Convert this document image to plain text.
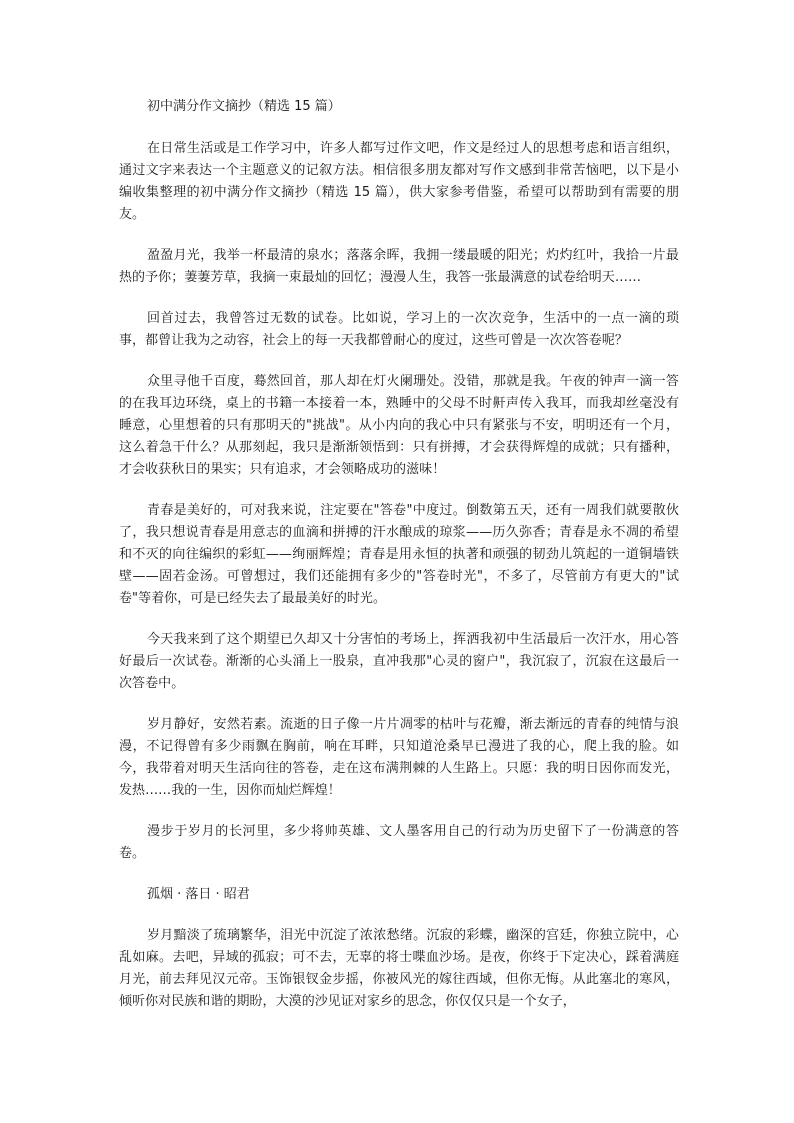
初中满分作文摘抄（精选 15 篇）

在日常生活或是工作学习中，许多人都写过作文吧，作文是经过人的思想考虑和语言组织，通过文字来表达一个主题意义的记叙方法。相信很多朋友都对写作文感到非常苦恼吧，以下是小编收集整理的初中满分作文摘抄（精选 15 篇），供大家参考借鉴，希望可以帮助到有需要的朋友。

盈盈月光，我举一杯最清的泉水；落落余晖，我拥一缕最暖的阳光；灼灼红叶，我拾一片最热的予你；萋萋芳草，我摘一束最灿的回忆；漫漫人生，我答一张最满意的试卷给明天……

回首过去，我曾答过无数的试卷。比如说，学习上的一次次竞争，生活中的一点一滴的琐事，都曾让我为之动容，社会上的每一天我都曾耐心的度过，这些可曾是一次次答卷呢？

众里寻他千百度，蓦然回首，那人却在灯火阑珊处。没错，那就是我。午夜的钟声一滴一答的在我耳边环绕，桌上的书籍一本接着一本，熟睡中的父母不时鼾声传入我耳，而我却丝毫没有睡意，心里想着的只有那明天的"挑战"。从小内向的我心中只有紧张与不安，明明还有一个月，这么着急干什么？从那刻起，我只是渐渐领悟到：只有拼搏，才会获得辉煌的成就；只有播种，才会收获秋日的果实；只有追求，才会领略成功的滋味！

青春是美好的，可对我来说，注定要在"答卷"中度过。倒数第五天，还有一周我们就要散伙了，我只想说青春是用意志的血滴和拼搏的汗水酿成的琼浆——历久弥香；青春是永不凋的希望和不灭的向往编织的彩虹——绚丽辉煌；青春是用永恒的执著和顽强的韧劲儿筑起的一道铜墙铁壁——固若金汤。可曾想过，我们还能拥有多少的"答卷时光"，不多了，尽管前方有更大的"试卷"等着你，可是已经失去了最最美好的时光。

今天我来到了这个期望已久却又十分害怕的考场上，挥洒我初中生活最后一次汗水，用心答好最后一次试卷。渐渐的心头涌上一股泉，直冲我那"心灵的窗户"，我沉寂了，沉寂在这最后一次答卷中。

岁月静好，安然若素。流逝的日子像一片片凋零的枯叶与花瓣，渐去渐远的青春的纯情与浪漫，不记得曾有多少雨飘在胸前，响在耳畔，只知道沧桑早已漫进了我的心，爬上我的脸。如今，我带着对明天生活向往的答卷，走在这布满荆棘的人生路上。只愿：我的明日因你而发光，发热……我的一生，因你而灿烂辉煌！

漫步于岁月的长河里，多少将帅英雄、文人墨客用自己的行动为历史留下了一份满意的答卷。

孤烟 · 落日 · 昭君

岁月黯淡了琉璃繁华，泪光中沉淀了浓浓愁绪。沉寂的彩蝶，幽深的宫廷，你独立院中，心乱如麻。去吧，异域的孤寂；可不去，无辜的将士喋血沙场。是夜，你终于下定决心，踩着满庭月光，前去拜见汉元帝。玉饰银钗金步摇，你被风光的嫁往西域，但你无悔。从此塞北的寒风，倾听你对民族和谐的期盼，大漠的沙见证对家乡的思念，你仅仅只是一个女子，
